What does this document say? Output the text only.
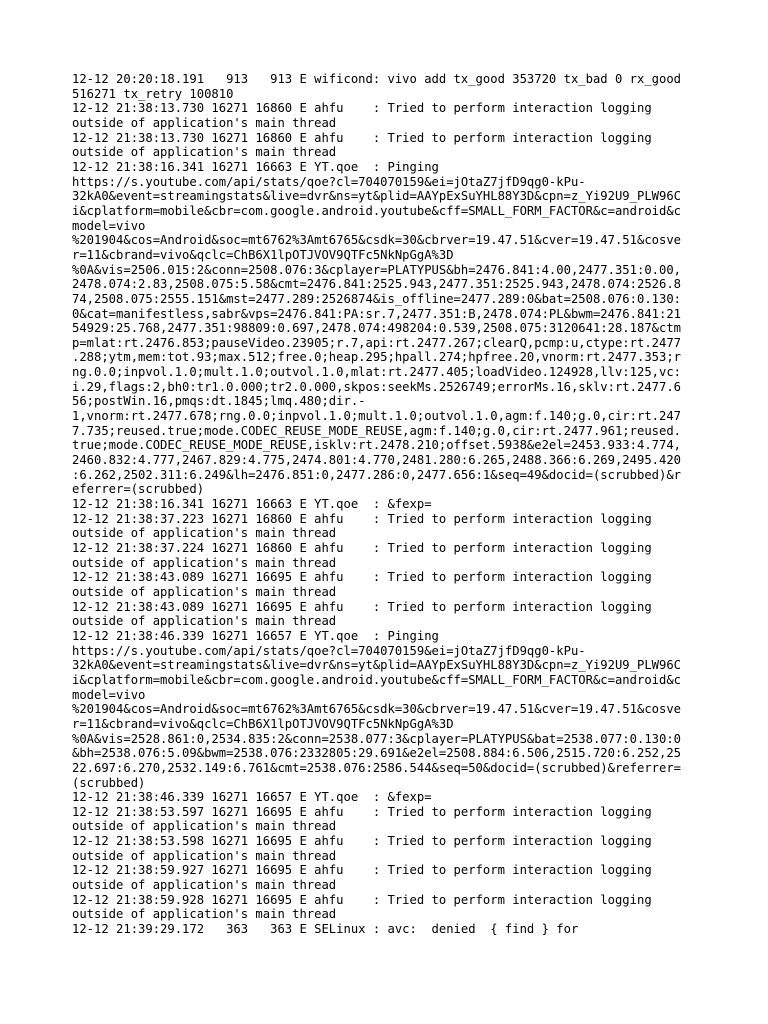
12-12 20:20:18.191   913   913 E wificond: vivo add tx_good 353720 tx_bad 0 rx_good
516271 tx_retry 100810
12-12 21:38:13.730 16271 16860 E ahfu    : Tried to perform interaction logging
outside of application's main thread
12-12 21:38:13.730 16271 16860 E ahfu    : Tried to perform interaction logging
outside of application's main thread
12-12 21:38:16.341 16271 16663 E YT.qoe  : Pinging
https://s.youtube.com/api/stats/qoe?cl=704070159&ei=jOtaZ7jfD9qg0-kPu-
32kA0&event=streamingstats&live=dvr&ns=yt&plid=AAYpExSuYHL88Y3D&cpn=z_Yi92U9_PLW96C
i&cplatform=mobile&cbr=com.google.android.youtube&cff=SMALL_FORM_FACTOR&c=android&c
model=vivo
%201904&cos=Android&soc=mt6762%3Amt6765&csdk=30&cbrver=19.47.51&cver=19.47.51&cosve
r=11&cbrand=vivo&qclc=ChB6X1lpOTJVOV9QTFc5NkNpGgA%3D
%0A&vis=2506.015:2&conn=2508.076:3&cplayer=PLATYPUS&bh=2476.841:4.00,2477.351:0.00,
2478.074:2.83,2508.075:5.58&cmt=2476.841:2525.943,2477.351:2525.943,2478.074:2526.8
74,2508.075:2555.151&mst=2477.289:2526874&is_offline=2477.289:0&bat=2508.076:0.130:
0&cat=manifestless,sabr&vps=2476.841:PA:sr.7,2477.351:B,2478.074:PL&bwm=2476.841:21
54929:25.768,2477.351:98809:0.697,2478.074:498204:0.539,2508.075:3120641:28.187&ctm
p=mlat:rt.2476.853;pauseVideo.23905;r.7,api:rt.2477.267;clearQ,pcmp:u,ctype:rt.2477
.288;ytm,mem:tot.93;max.512;free.0;heap.295;hpall.274;hpfree.20,vnorm:rt.2477.353;r
ng.0.0;inpvol.1.0;mult.1.0;outvol.1.0,mlat:rt.2477.405;loadVideo.124928,llv:125,vc:
i.29,flags:2,bh0:tr1.0.000;tr2.0.000,skpos:seekMs.2526749;errorMs.16,sklv:rt.2477.6
56;postWin.16,pmqs:dt.1845;lmq.480;dir.-
1,vnorm:rt.2477.678;rng.0.0;inpvol.1.0;mult.1.0;outvol.1.0,agm:f.140;g.0,cir:rt.247
7.735;reused.true;mode.CODEC_REUSE_MODE_REUSE,agm:f.140;g.0,cir:rt.2477.961;reused.
true;mode.CODEC_REUSE_MODE_REUSE,isklv:rt.2478.210;offset.5938&e2el=2453.933:4.774,
2460.832:4.777,2467.829:4.775,2474.801:4.770,2481.280:6.265,2488.366:6.269,2495.420
:6.262,2502.311:6.249&lh=2476.851:0,2477.286:0,2477.656:1&seq=49&docid=(scrubbed)&r
eferrer=(scrubbed)
12-12 21:38:16.341 16271 16663 E YT.qoe  : &fexp=
12-12 21:38:37.223 16271 16860 E ahfu    : Tried to perform interaction logging
outside of application's main thread
12-12 21:38:37.224 16271 16860 E ahfu    : Tried to perform interaction logging
outside of application's main thread
12-12 21:38:43.089 16271 16695 E ahfu    : Tried to perform interaction logging
outside of application's main thread
12-12 21:38:43.089 16271 16695 E ahfu    : Tried to perform interaction logging
outside of application's main thread
12-12 21:38:46.339 16271 16657 E YT.qoe  : Pinging
https://s.youtube.com/api/stats/qoe?cl=704070159&ei=jOtaZ7jfD9qg0-kPu-
32kA0&event=streamingstats&live=dvr&ns=yt&plid=AAYpExSuYHL88Y3D&cpn=z_Yi92U9_PLW96C
i&cplatform=mobile&cbr=com.google.android.youtube&cff=SMALL_FORM_FACTOR&c=android&c
model=vivo
%201904&cos=Android&soc=mt6762%3Amt6765&csdk=30&cbrver=19.47.51&cver=19.47.51&cosve
r=11&cbrand=vivo&qclc=ChB6X1lpOTJVOV9QTFc5NkNpGgA%3D
%0A&vis=2528.861:0,2534.835:2&conn=2538.077:3&cplayer=PLATYPUS&bat=2538.077:0.130:0
&bh=2538.076:5.09&bwm=2538.076:2332805:29.691&e2el=2508.884:6.506,2515.720:6.252,25
22.697:6.270,2532.149:6.761&cmt=2538.076:2586.544&seq=50&docid=(scrubbed)&referrer=
(scrubbed)
12-12 21:38:46.339 16271 16657 E YT.qoe  : &fexp=
12-12 21:38:53.597 16271 16695 E ahfu    : Tried to perform interaction logging
outside of application's main thread
12-12 21:38:53.598 16271 16695 E ahfu    : Tried to perform interaction logging
outside of application's main thread
12-12 21:38:59.927 16271 16695 E ahfu    : Tried to perform interaction logging
outside of application's main thread
12-12 21:38:59.928 16271 16695 E ahfu    : Tried to perform interaction logging
outside of application's main thread
12-12 21:39:29.172   363   363 E SELinux : avc:  denied  { find } for
